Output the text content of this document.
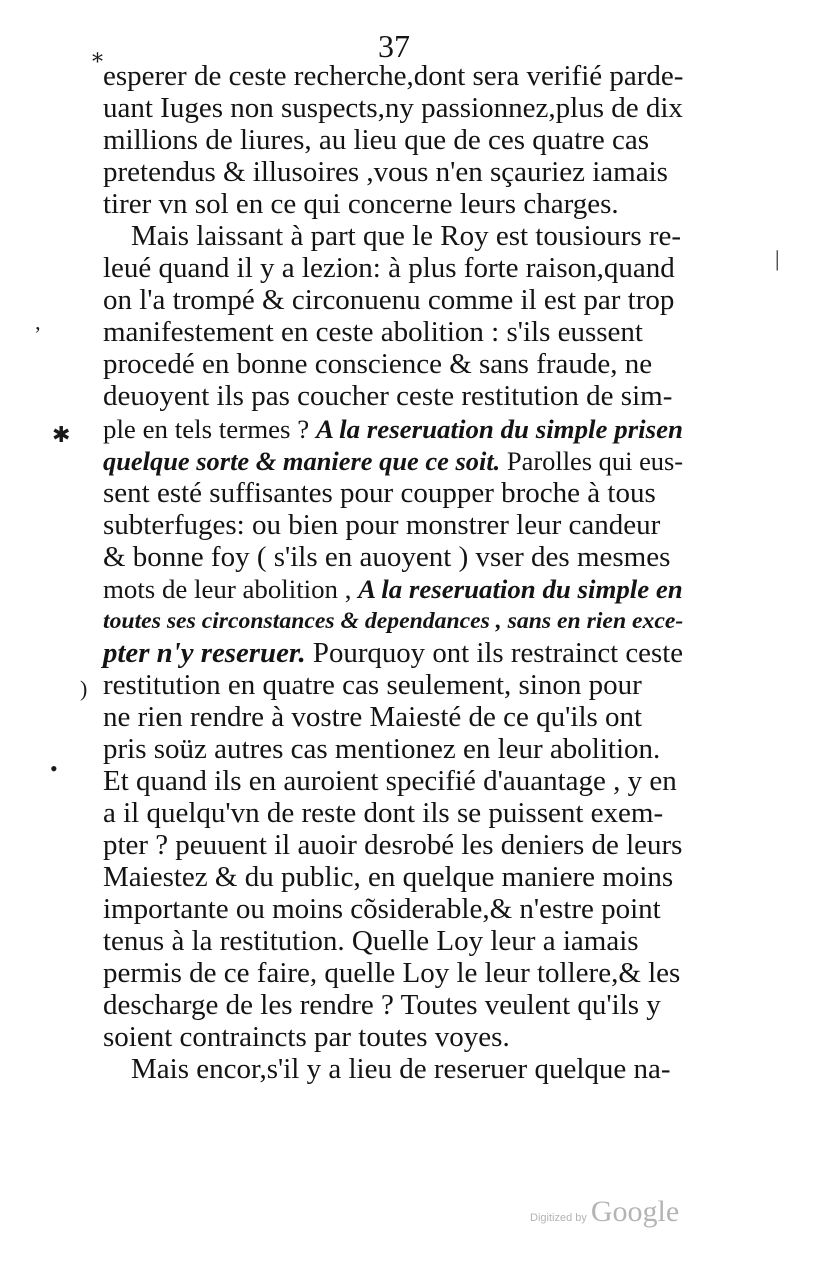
37
esperer de ceste recherche,dont sera verifié parde-
uant Iuges non suspects,ny passionnez,plus de dix
millions de liures, au lieu que de ces quatre cas
pretendus & illusoires ,vous n'en sçauriez iamais
tirer vn sol en ce qui concerne leurs charges.
Mais laissant à part que le Roy est tousiours re-
leué quand il y a lezion: à plus forte raison,quand
on l'a trompé & circonuenu comme il est par trop
manifestement en ceste abolition : s'ils eussent
procedé en bonne conscience & sans fraude, ne
deuoyent ils pas coucher ceste restitution de sim-
ple en tels termes ? A la reseruation du simple prisen
quelque sorte & maniere que ce soit. Parolles qui eus-
sent esté suffisantes pour coupper broche à tous
subterfuges: ou bien pour monstrer leur candeur
& bonne foy ( s'ils en auoyent ) vser des mesmes
mots de leur abolition , A la reseruation du simple en
toutes ses circonstances & dependances , sans en rien exce-
pter n'y reseruer. Pourquoy ont ils restrainct ceste
restitution en quatre cas seulement, sinon pour
ne rien rendre à vostre Maiesté de ce qu'ils ont
pris soüz autres cas mentionez en leur abolition.
Et quand ils en auroient specifié d'auantage , y en
a il quelqu'vn de reste dont ils se puissent exem-
pter ? peuuent il auoir desrobé les deniers de leurs
Maiestez & du public, en quelque maniere moins
importante ou moins cõsiderable,& n'estre point
tenus à la restitution. Quelle Loy leur a iamais
permis de ce faire, quelle Loy le leur tollere,& les
descharge de les rendre ? Toutes veulent qu'ils y
soient contraincts par toutes voyes.
Mais encor,s'il y a lieu de reseruer quelque na-
⁎
ʼ
✱
•
|
)
Digitized by Google
